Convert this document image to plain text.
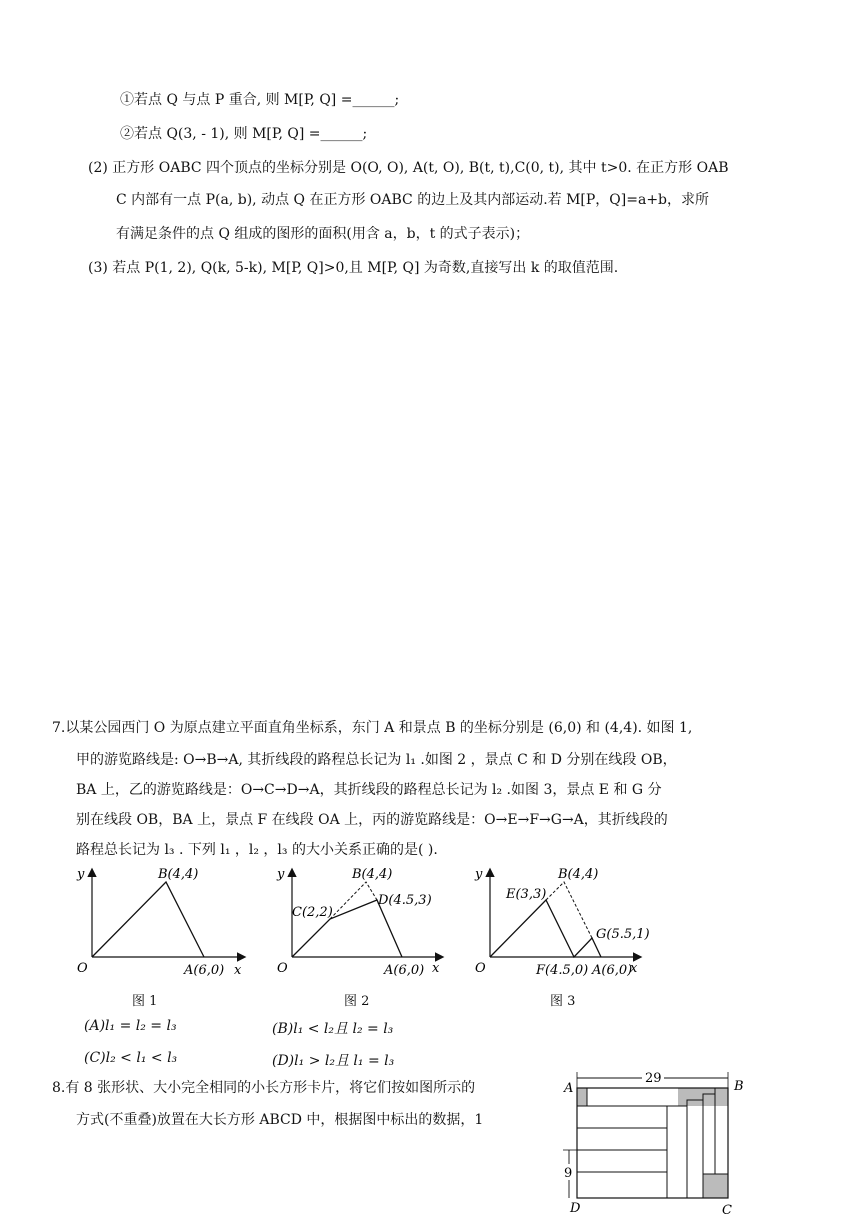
①若点 Q 与点 P 重合, 则 M[P, Q] =______;
②若点 Q(3, - 1), 则 M[P, Q] =______;
(2) 正方形 OABC 四个顶点的坐标分别是 O(O, O), A(t, O), B(t, t),C(0, t), 其中 t>0. 在正方形 OAB
C 内部有一点 P(a, b), 动点 Q 在正方形 OABC 的边上及其内部运动.若 M[P，Q]=a+b，求所
有满足条件的点 Q 组成的图形的面积(用含 a，b，t 的式子表示)；
(3) 若点 P(1, 2), Q(k, 5-k), M[P, Q]>0,且 M[P, Q] 为奇数,直接写出 k 的取值范围.
7.以某公园西门 O 为原点建立平面直角坐标系，东门 A 和景点 B 的坐标分别是 (6,0) 和 (4,4). 如图 1,
甲的游览路线是: O→B→A, 其折线段的路程总长记为 l₁ .如图 2 ，景点 C 和 D 分别在线段 OB，
BA 上，乙的游览路线是：O→C→D→A，其折线段的路程总长记为 l₂ .如图 3，景点 E 和 G 分
别在线段 OB，BA 上，景点 F 在线段 OA 上，丙的游览路线是：O→E→F→G→A，其折线段的
路程总长记为 l₃ . 下列 l₁ ，l₂ ，l₃ 的大小关系正确的是( ).
y
x
O
B(4,4)
A(6,0)
图 1
y
x
O
B(4,4)
C(2,2)
D(4.5,3)
A(6,0)
图 2
y
x
O
B(4,4)
E(3,3)
G(5.5,1)
F(4.5,0) A(6,0)
图 3
(A)l₁ = l₂ = l₃	(B)l₁ < l₂且 l₂ = l₃
(C)l₂ < l₁ < l₃	(D)l₁ > l₂且 l₁ = l₃
8.有 8 张形状、大小完全相同的小长方形卡片，将它们按如图所示的
方式(不重叠)放置在大长方形 ABCD 中，根据图中标出的数据，1
29
9
A	B
D	C
